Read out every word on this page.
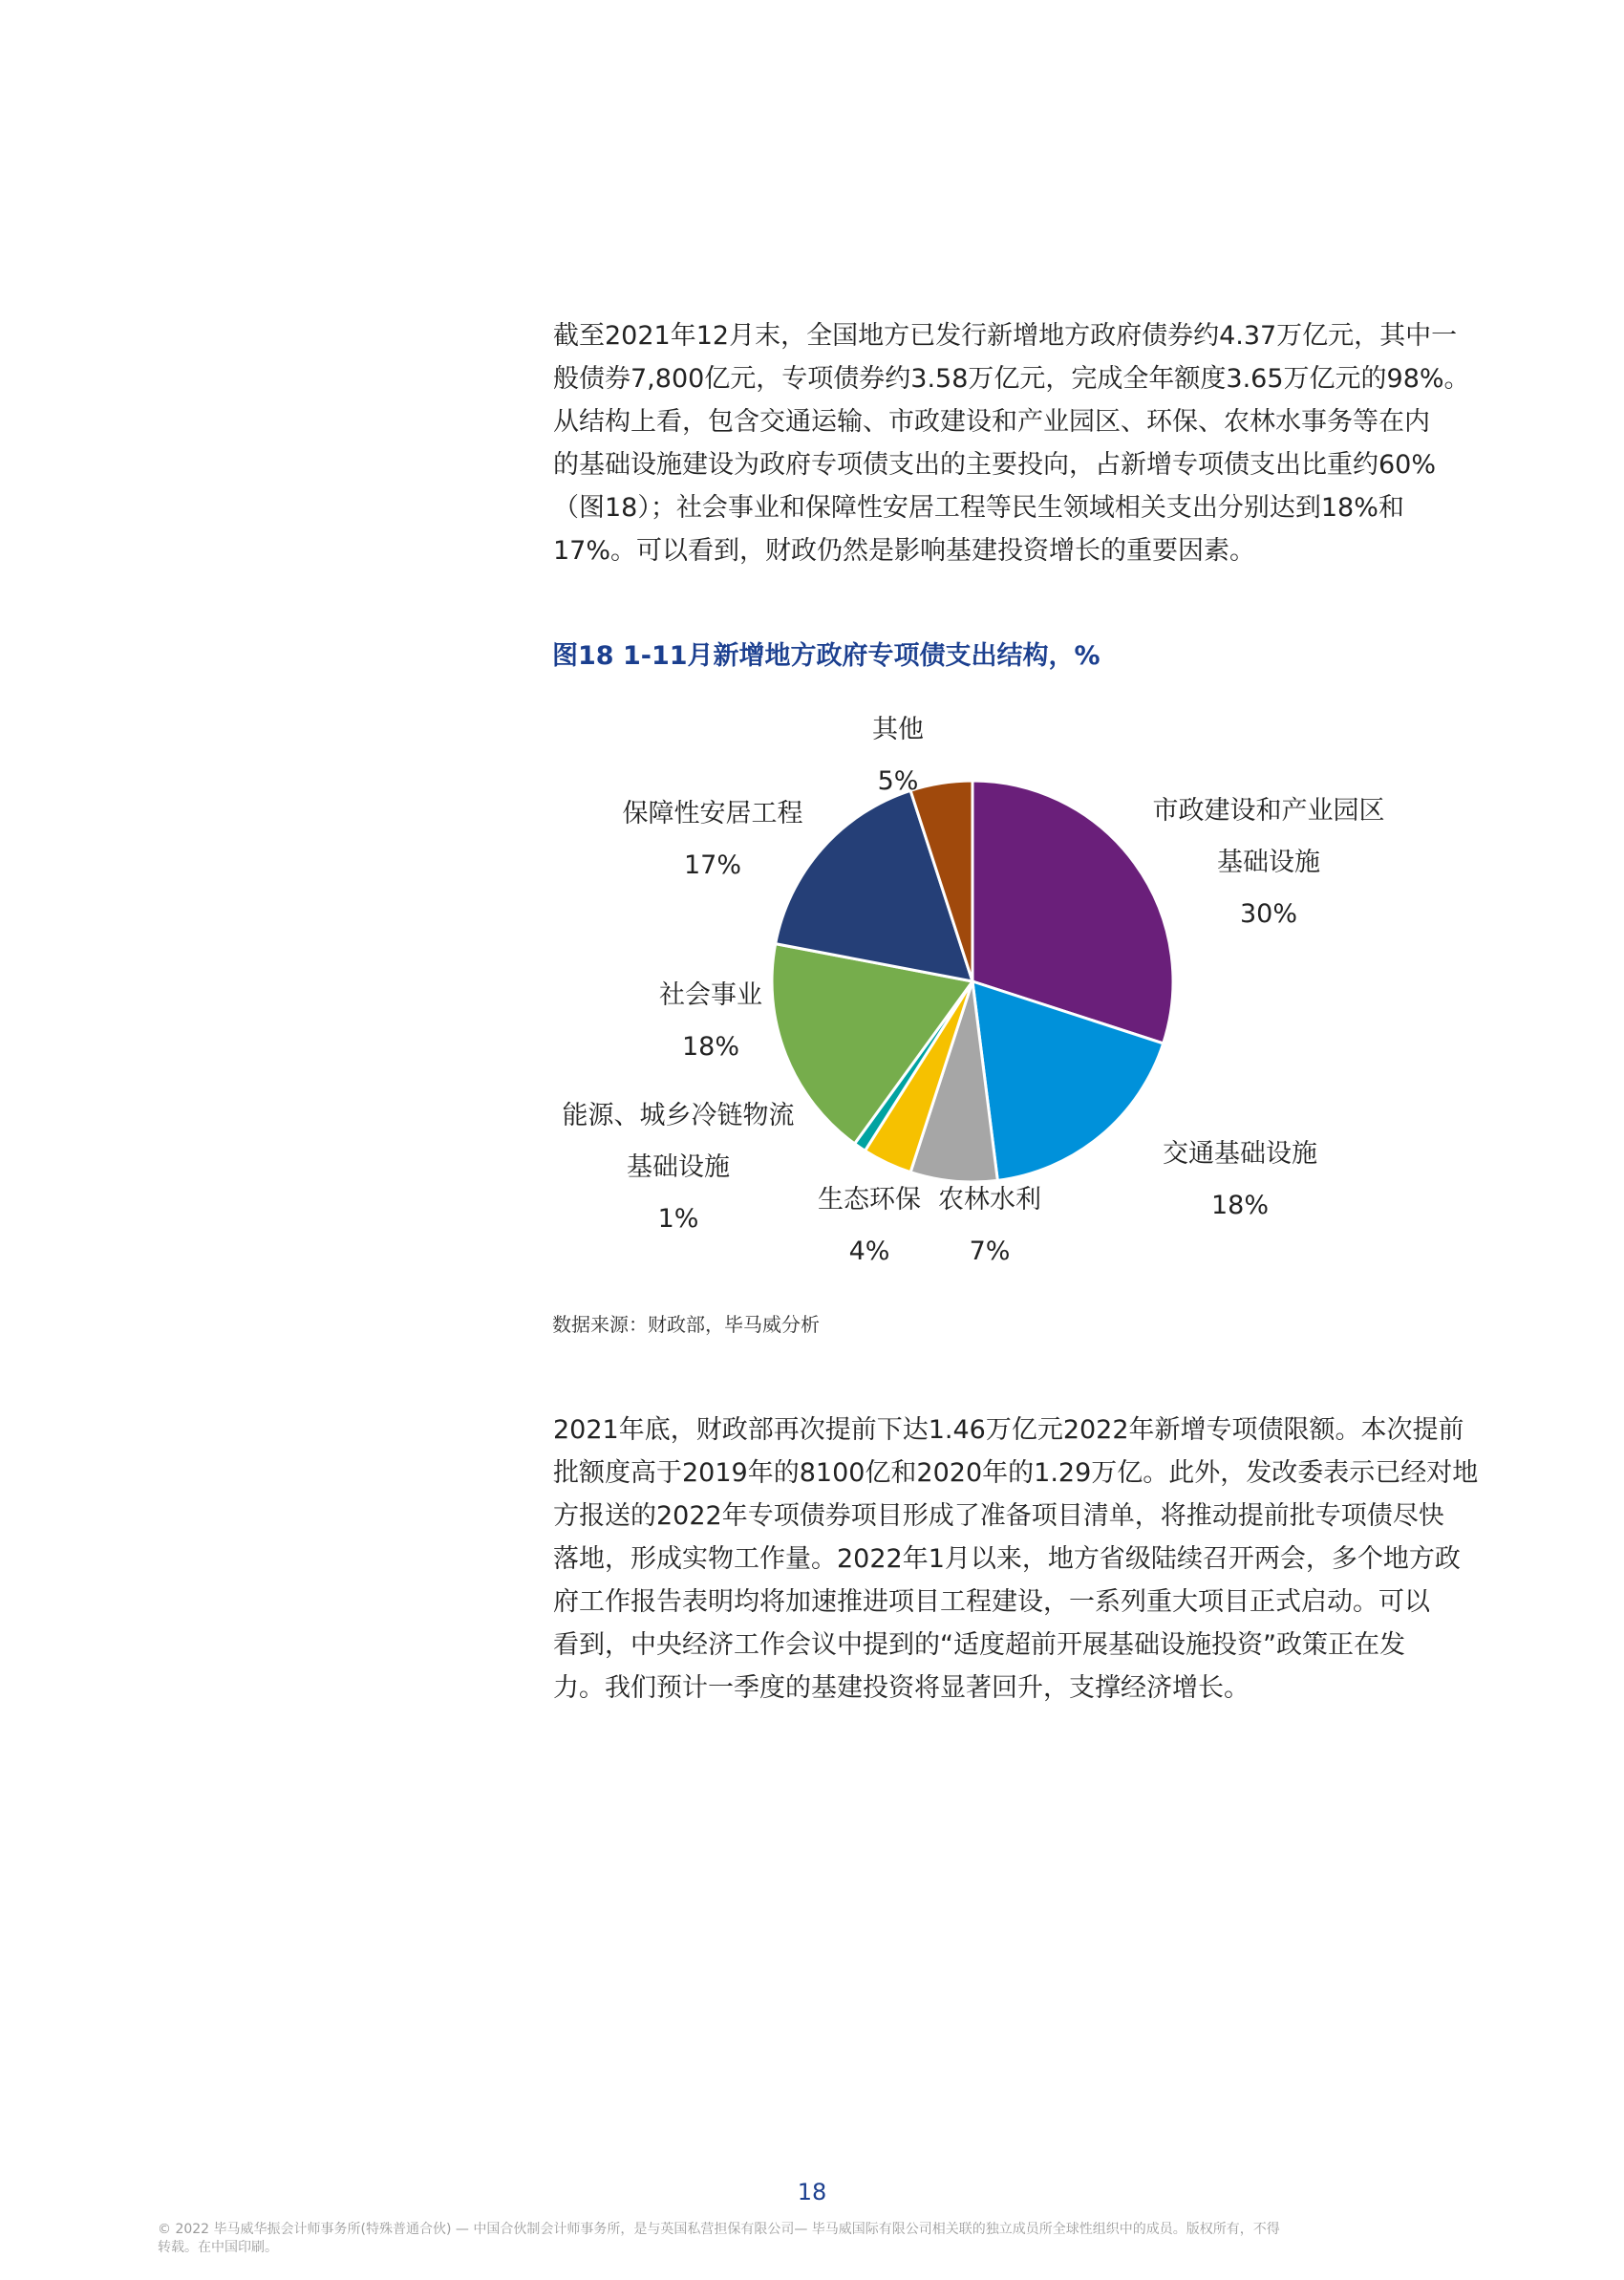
截至2021年12月末，全国地方已发行新增地方政府债券约4.37万亿元，其中一
般债券7,800亿元，专项债券约3.58万亿元，完成全年额度3.65万亿元的98%。
从结构上看，包含交通运输、市政建设和产业园区、环保、农林水事务等在内
的基础设施建设为政府专项债支出的主要投向，占新增专项债支出比重约60%
（图18）；社会事业和保障性安居工程等民生领域相关支出分别达到18%和
17%。可以看到，财政仍然是影响基建投资增长的重要因素。
图18 1-11月新增地方政府专项债支出结构，%
市政建设和产业园区
基础设施
30%
交通基础设施
18%
农林水利
7%
生态环保
4%
能源、城乡冷链物流
基础设施
1%
社会事业
18%
保障性安居工程
17%
其他
5%
数据来源：财政部，毕马威分析
2021年底，财政部再次提前下达1.46万亿元2022年新增专项债限额。本次提前
批额度高于2019年的8100亿和2020年的1.29万亿。此外，发改委表示已经对地
方报送的2022年专项债券项目形成了准备项目清单，将推动提前批专项债尽快
落地，形成实物工作量。2022年1月以来，地方省级陆续召开两会，多个地方政
府工作报告表明均将加速推进项目工程建设，一系列重大项目正式启动。可以
看到，中央经济工作会议中提到的“适度超前开展基础设施投资”政策正在发
力。我们预计一季度的基建投资将显著回升，支撑经济增长。
18
© 2022 毕马威华振会计师事务所(特殊普通合伙) — 中国合伙制会计师事务所，是与英国私营担保有限公司— 毕马威国际有限公司相关联的独立成员所全球性组织中的成员。版权所有，不得
转载。在中国印刷。
